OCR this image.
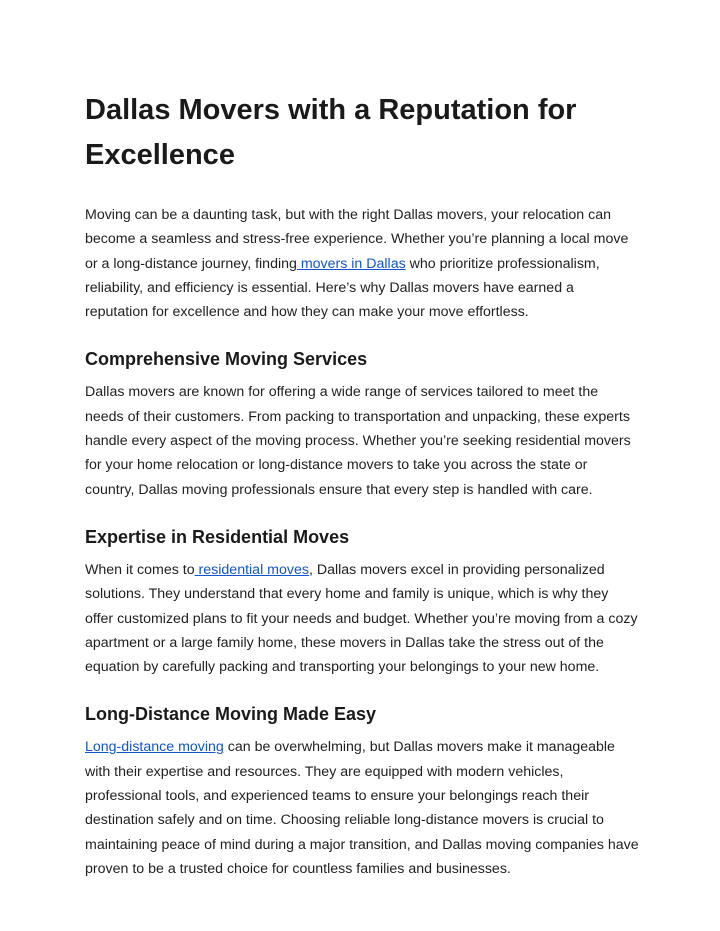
Dallas Movers with a Reputation for Excellence

Moving can be a daunting task, but with the right Dallas movers, your relocation can become a seamless and stress-free experience. Whether you’re planning a local move or a long-distance journey, finding movers in Dallas who prioritize professionalism, reliability, and efficiency is essential. Here’s why Dallas movers have earned a reputation for excellence and how they can make your move effortless.

Comprehensive Moving Services

Dallas movers are known for offering a wide range of services tailored to meet the needs of their customers. From packing to transportation and unpacking, these experts handle every aspect of the moving process. Whether you’re seeking residential movers for your home relocation or long-distance movers to take you across the state or country, Dallas moving professionals ensure that every step is handled with care.

Expertise in Residential Moves

When it comes to residential moves, Dallas movers excel in providing personalized solutions. They understand that every home and family is unique, which is why they offer customized plans to fit your needs and budget. Whether you’re moving from a cozy apartment or a large family home, these movers in Dallas take the stress out of the equation by carefully packing and transporting your belongings to your new home.

Long-Distance Moving Made Easy

Long-distance moving can be overwhelming, but Dallas movers make it manageable with their expertise and resources. They are equipped with modern vehicles, professional tools, and experienced teams to ensure your belongings reach their destination safely and on time. Choosing reliable long-distance movers is crucial to maintaining peace of mind during a major transition, and Dallas moving companies have proven to be a trusted choice for countless families and businesses.
